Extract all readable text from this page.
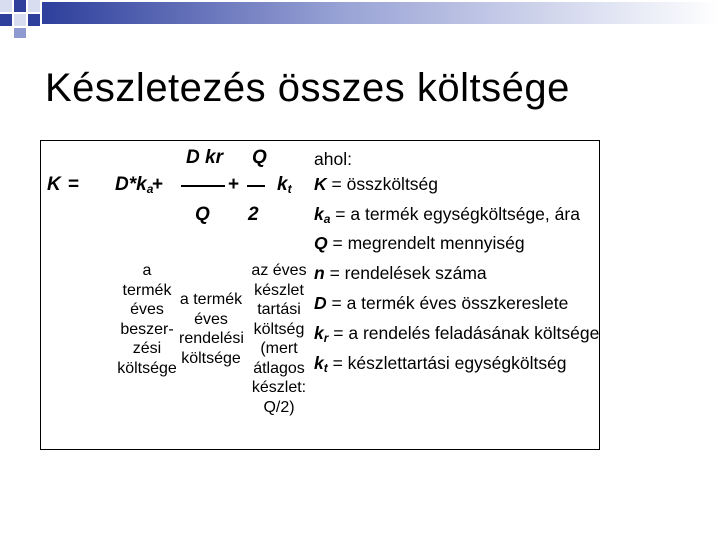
Készletezés összes költsége
$K = D*k_a$
+
D kr
Q
+
Q
2
$k_t$
a
termék
éves
beszer-
zési
költsége
a termék
éves
rendelési
költsége
az éves
készlet
tartási
költség
(mert
átlagos
készlet:
Q/2)
ahol:
K = összköltség
$k_a = a$ termék egységköltsége, ára
Q = megrendelt mennyiség
n = rendelések száma
D = a termék éves összkereslete
$k_r = a$ rendelés feladásának költsége
$k_t$ = készlettartási egységköltség
